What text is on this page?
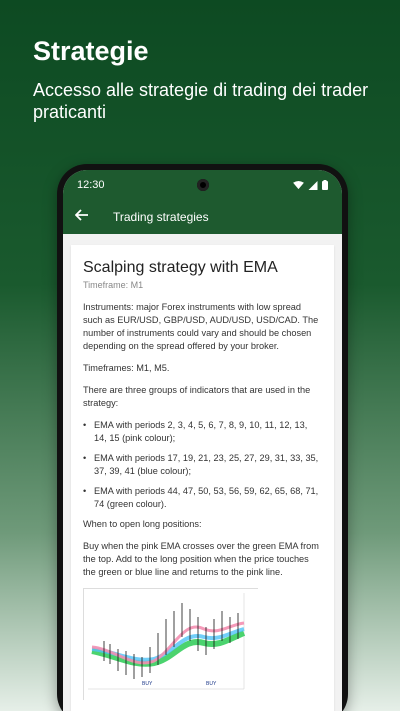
Strategie
Accesso alle strategie di trading dei trader praticanti
12:30
Trading strategies
Scalping strategy with EMA
Timeframe: M1

Instruments: major Forex instruments with low spread such as EUR/USD, GBP/USD, AUD/USD, USD/CAD. The number of instruments could vary and should be chosen depending on the spread offered by your broker.

Timeframes: M1, M5.

There are three groups of indicators that are used in the strategy:

• EMA with periods 2, 3, 4, 5, 6, 7, 8, 9, 10, 11, 12, 13, 14, 15 (pink colour);
• EMA with periods 17, 19, 21, 23, 25, 27, 29, 31, 33, 35, 37, 39, 41 (blue colour);
• EMA with periods 44, 47, 50, 53, 56, 59, 62, 65, 68, 71, 74 (green colour).

When to open long positions:

Buy when the pink EMA crosses over the green EMA from the top. Add to the long position when the price touches the green or blue line and returns to the pink line.

BUY	BUY
